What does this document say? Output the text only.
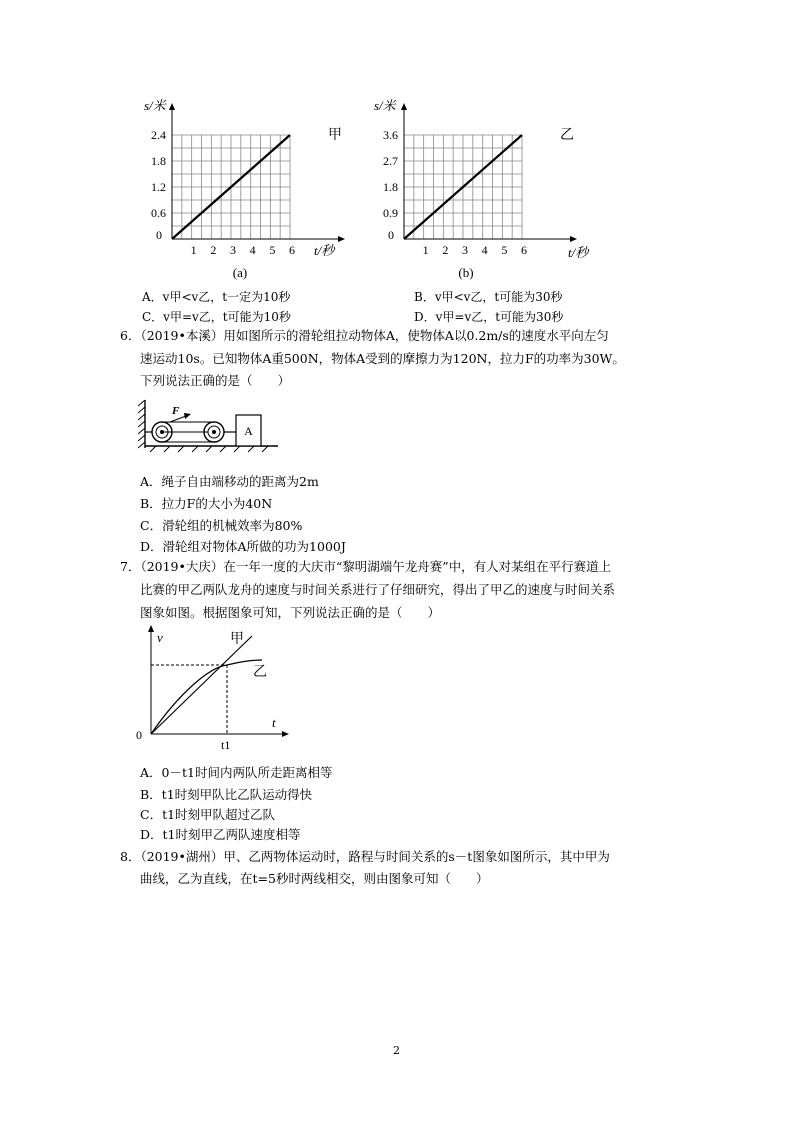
s/米
2.4
1.8
1.2
0.6
0
1 2 3 4 5 6 t/秒
甲
(a)
s/米
3.6
2.7
1.8
0.9
0
1 2 3 4 5 6	t/秒
乙
(b)
A．v甲<v乙，t一定为10秒	B．v甲<v乙，t可能为30秒
C．v甲=v乙，t可能为10秒	D．v甲=v乙，t可能为30秒
6．（2019•本溪）用如图所示的滑轮组拉动物体A，使物体A以0.2m/s的速度水平向左匀
速运动10s。已知物体A重500N，物体A受到的摩擦力为120N，拉力F的功率为30W。
下列说法正确的是（　　）
F
A
A．绳子自由端移动的距离为2m
B．拉力F的大小为40N
C．滑轮组的机械效率为80%
D．滑轮组对物体A所做的功为1000J
7．（2019•大庆）在一年一度的大庆市“黎明湖端午龙舟赛”中，有人对某组在平行赛道上
比赛的甲乙两队龙舟的速度与时间关系进行了仔细研究，得出了甲乙的速度与时间关系
图象如图。根据图象可知，下列说法正确的是（　　）
v
t
0
t1
甲
乙
A．0－t1时间内两队所走距离相等
B．t1时刻甲队比乙队运动得快
C．t1时刻甲队超过乙队
D．t1时刻甲乙两队速度相等
8．（2019•湖州）甲、乙两物体运动时，路程与时间关系的s－t图象如图所示，其中甲为
曲线，乙为直线，在t=5秒时两线相交，则由图象可知（　　）
2
